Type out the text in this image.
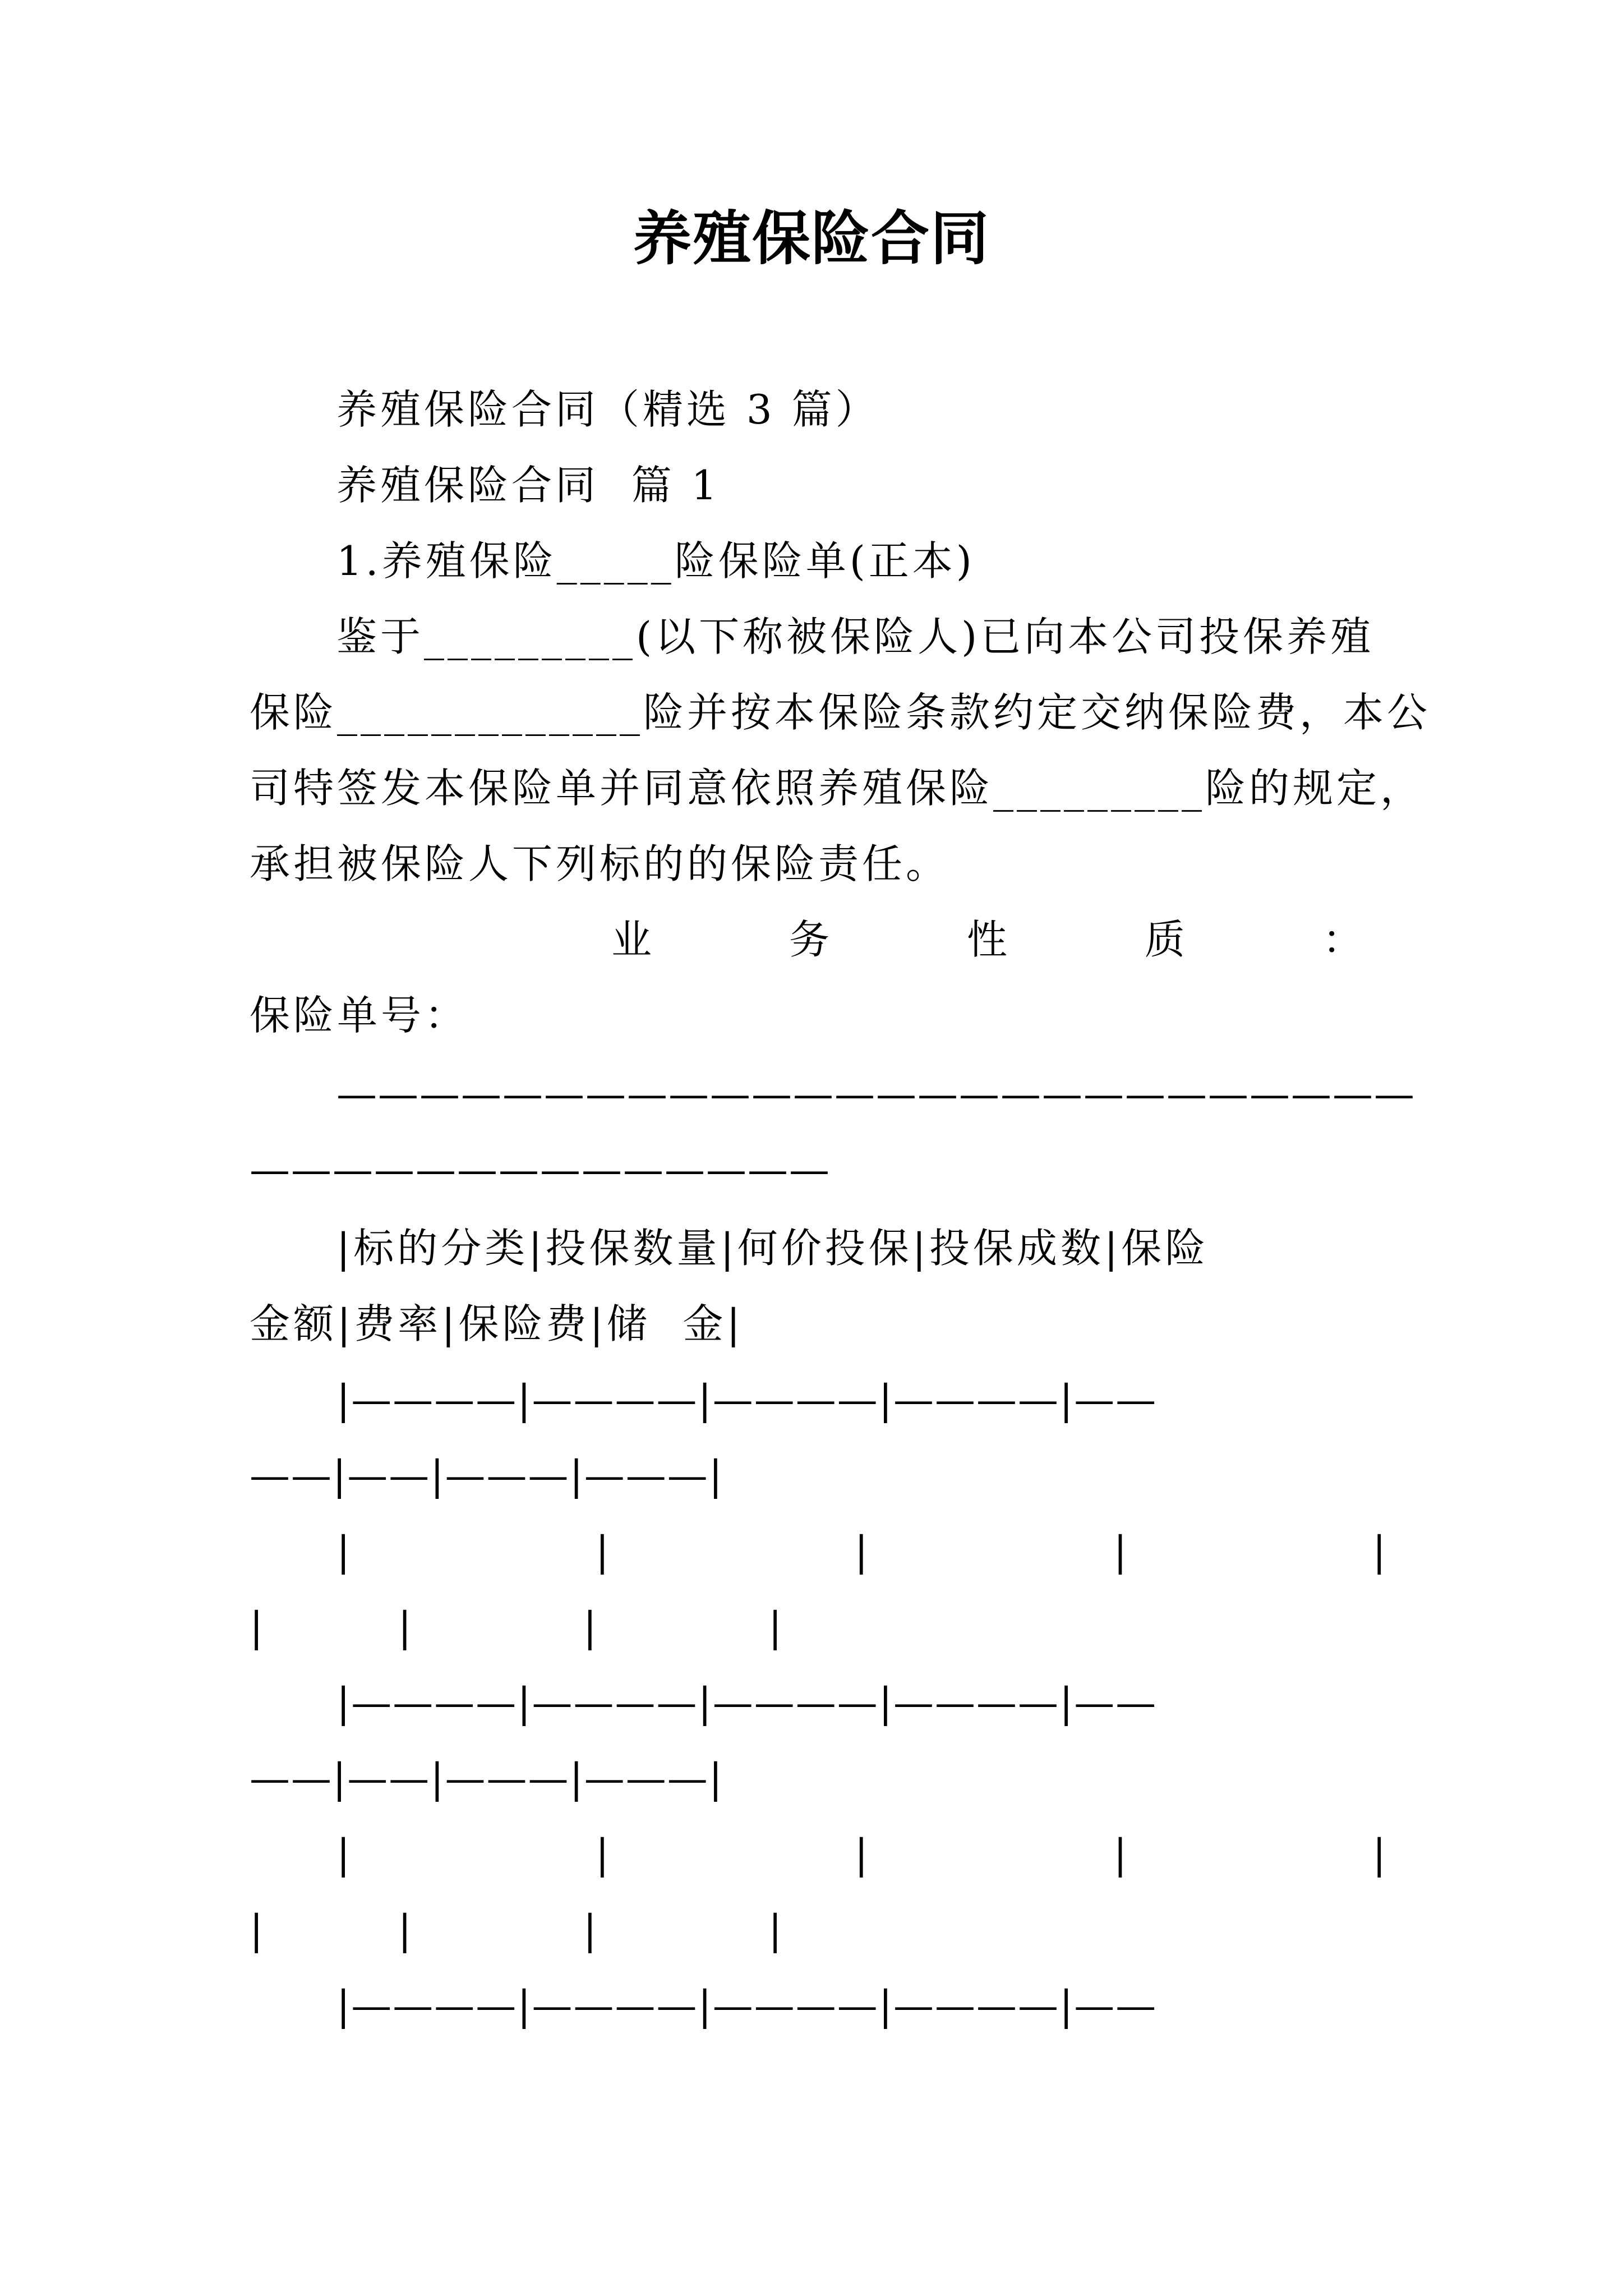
养殖保险合同
养殖保险合同（精选 3 篇）
养殖保险合同  篇 1
1.养殖保险_____险保险单(正本)
鉴于_________(以下称被保险人)已向本公司投保养殖
保险_____________险并按本保险条款约定交纳保险费，本公
司特签发本保险单并同意依照养殖保险_________险的规定，
承担被保险人下列标的的保险责任。
业	务	性	质	：
保险单号：
——————————————————————————
——————————————
|标的分类|投保数量|何价投保|投保成数|保险
金额|费率|保险费|储  金|
|————|————|————|————|——
——|——|———|———|
|             |             |             |             |
|       |         |         |
|————|————|————|————|——
——|——|———|———|
|             |             |             |             |
|       |         |         |
|————|————|————|————|——
